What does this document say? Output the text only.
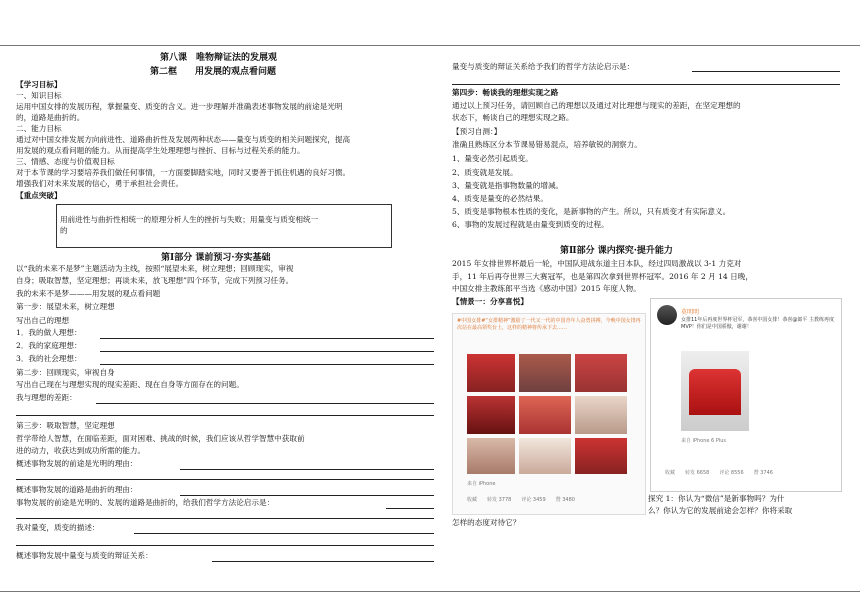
第八课　唯物辩证法的发展观
第二框　　用发展的观点看问题
【学习目标】
一、知识目标
运用中国女排的发展历程，掌握量变、质变的含义。进一步理解并准确表述事物发展的前途是光明
的，道路是曲折的。
二、能力目标
通过对中国女排发展方向前进性、道路曲折性及发展两种状态——量变与质变的相关问题探究，提高
用发展的观点看问题的能力。从而提高学生处理理想与挫折、目标与过程关系的能力。
三、情感、态度与价值观目标
对于本节课的学习要培养我们做任何事情，一方面要脚踏实地，同时又要善于抓住机遇的良好习惯。
增强我们对未来发展的信心，勇于承担社会责任。
【重点突破】
用前进性与曲折性相统一的原理分析人生的挫折与失败；用量变与质变相统一
的
第Ⅰ部分 课前预习·夯实基础
以“我的未来不是梦”主题活动为主线，按照“展望未来，树立理想；回顾现实，审视
自身；吸取智慧，坚定理想；再谈未来，放飞理想”四个环节，完成下列预习任务。
我的未来不是梦———用发展的观点看问题
第一步：展望未来，树立理想
写出自己的理想
1．我的做人理想：
2．我的家庭理想：
3．我的社会理想：
第二步：回顾现实，审视自身
写出自己现在与理想实现的现实差距、现在自身等方面存在的问题。
我与理想的差距：
第三步：吸取智慧，坚定理想
哲学带给人智慧，在面临差距，面对困难、挑战的时候，我们应该从哲学智慧中获取前
进的动力，收获达到成功所需的能力。
概述事物发展的前途是光明的理由：
概述事物发展的道路是曲折的理由：
事物发展的前途是光明的、发展的道路是曲折的，给我们哲学方法论启示是：
我对量变，质变的描述：
概述事物发展中量变与质变的辩证关系：
量变与质变的辩证关系给予我们的哲学方法论启示是：
第四步：畅谈我的理想实现之路
通过以上预习任务，请回顾自己的理想以及通过对比理想与现实的差距，在坚定理想的
状态下，畅谈自己的理想实现之路。
【预习自测：】
准确且熟练区分本节课易错易混点，培养敏锐的洞察力。
1、量变必然引起质变。
2、质变就是发展。
3、量变就是指事物数量的增减。
4、质变是量变的必然结果。
5、质变是事物根本性质的变化，是新事物的产生。所以，只有质变才有实际意义。
6、事物的发展过程就是由量变到质变的过程。
第Ⅱ部分 课内探究·提升能力
2015 年女排世界杯最后一轮，中国队迎战东道主日本队，经过四局激战以 3-1 力克对
手，11 年后再夺世界三大赛冠军，也是第四次拿到世界杯冠军。2016 年 2 月 14 日晚，
中国女排主教练郎平当选《感动中国》2015 年度人物。
【情景一：分享喜悦】
#中国女排#“女排精神”激励了一代又一代的中国青年人奋勇拼搏，今晚中国女排再次站在最高领奖台上，这样的精神将传承下去……
来自 iPhone
收藏　　转发 3778　　评论 3459　　赞 3480
莫明明
女排11年后再度世界杯冠军，恭喜中国女排！恭喜@郎平 主教练再度MVP！你们是中国骄傲，谢谢！
来自 iPhone 6 Plus
收藏　　转发 6658　　评论 8556　　赞 3746
探究 1：你认为“微信”是新事物吗？为什
么？你认为它的发展前途会怎样？你将采取
怎样的态度对待它？
